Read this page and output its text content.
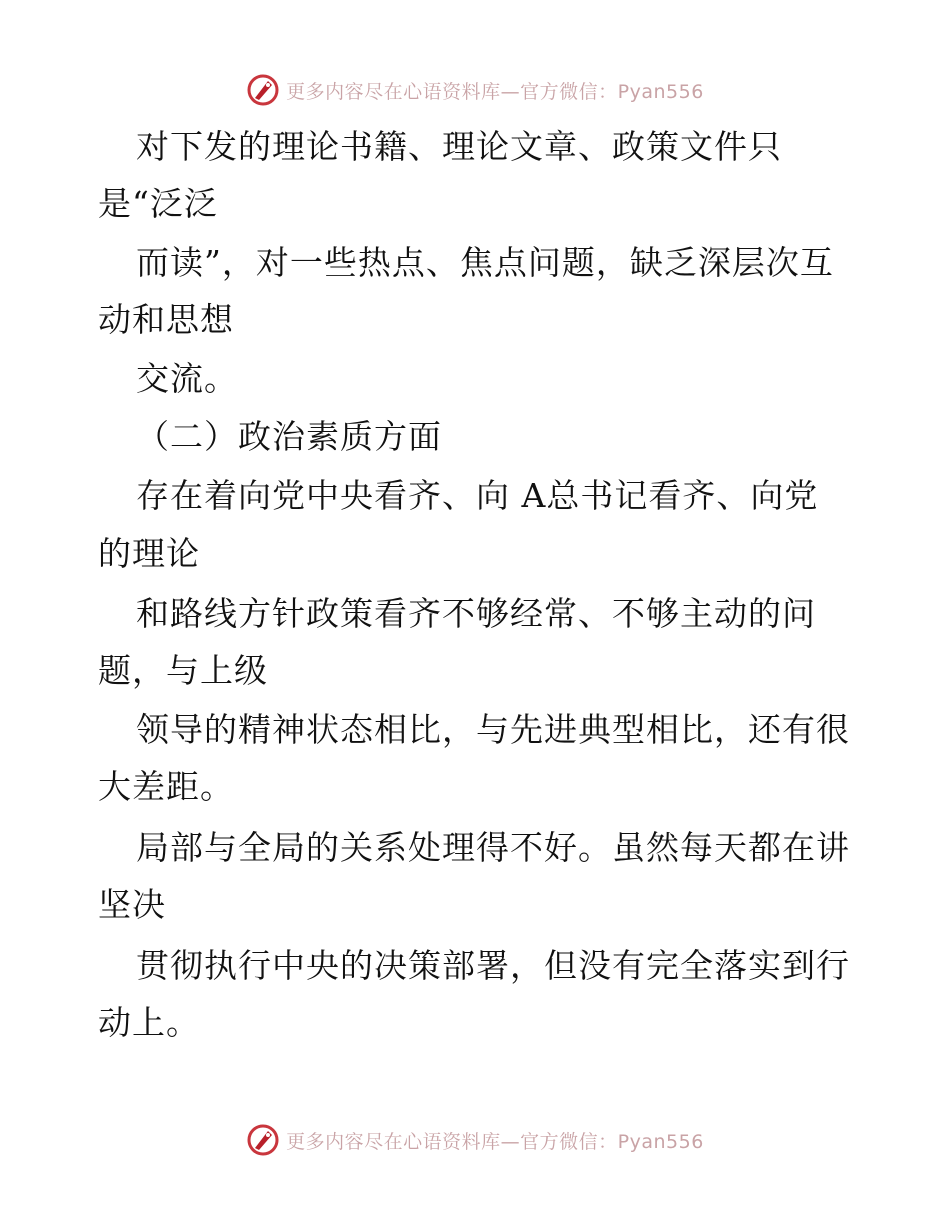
更多内容尽在心语资料库—官方微信：Pyan556
对下发的理论书籍、理论文章、政策文件只
是“泛泛
而读”，对一些热点、焦点问题，缺乏深层次互
动和思想
交流。
（二）政治素质方面
存在着向党中央看齐、向 A总书记看齐、向党
的理论
和路线方针政策看齐不够经常、不够主动的问
题，与上级
领导的精神状态相比，与先进典型相比，还有很
大差距。
局部与全局的关系处理得不好。虽然每天都在讲
坚决
贯彻执行中央的决策部署，但没有完全落实到行
动上。
更多内容尽在心语资料库—官方微信：Pyan556
